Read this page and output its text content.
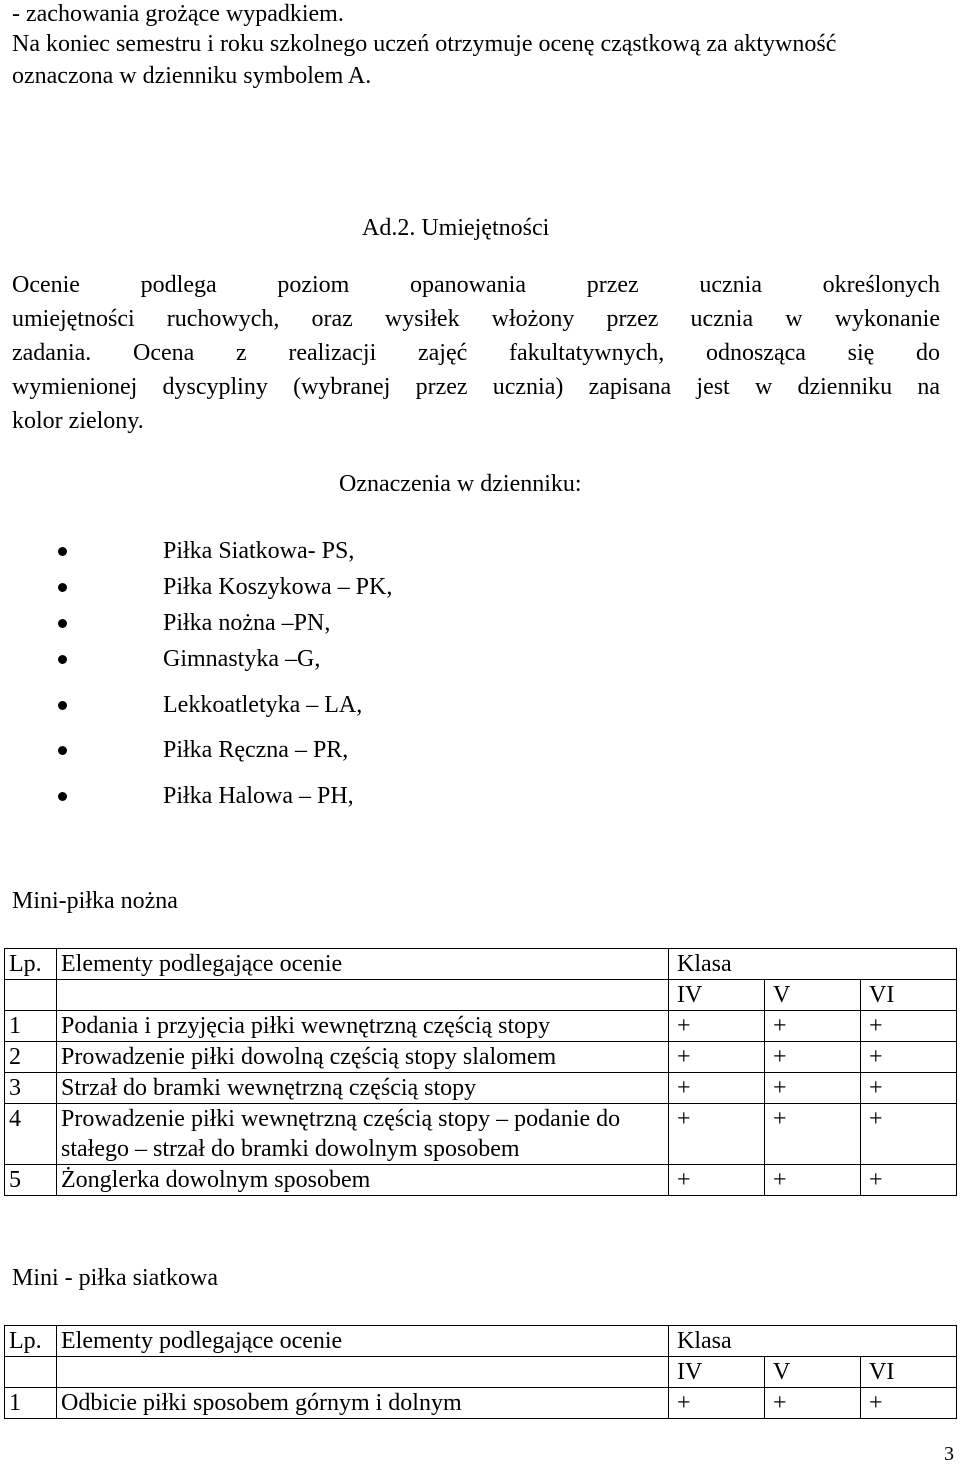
- zachowania grożące wypadkiem.
Na koniec semestru i roku szkolnego uczeń otrzymuje ocenę cząstkową za aktywność
oznaczona w dzienniku symbolem A.
Ad.2. Umiejętności
Ocenie podlega poziom opanowania przez ucznia określonych
umiejętności ruchowych, oraz wysiłek włożony przez ucznia w wykonanie
zadania. Ocena z realizacji zajęć fakultatywnych, odnosząca się do
wymienionej dyscypliny (wybranej przez ucznia) zapisana jest w dzienniku na
kolor zielony.
Oznaczenia w dzienniku:
Piłka Siatkowa- PS,
Piłka Koszykowa – PK,
Piłka nożna –PN,
Gimnastyka –G,
Lekkoatletyka – LA,
Piłka Ręczna – PR,
Piłka Halowa – PH,
Mini-piłka nożna
Lp.	Elementy podlegające ocenie	Klasa		
		IV	V	VI
1	Podania i przyjęcia piłki wewnętrzną częścią stopy	+	+	+
2	Prowadzenie piłki dowolną częścią stopy slalomem	+	+	+
3	Strzał do bramki wewnętrzną częścią stopy	+	+	+
4	Prowadzenie piłki wewnętrzną częścią stopy – podanie do stałego – strzał do bramki dowolnym sposobem	+	+	+
5	Żonglerka dowolnym sposobem	+	+	+
Mini - piłka siatkowa
Lp.	Elementy podlegające ocenie	Klasa		
		IV	V	VI
1	Odbicie piłki sposobem górnym i dolnym	+	+	+
3
